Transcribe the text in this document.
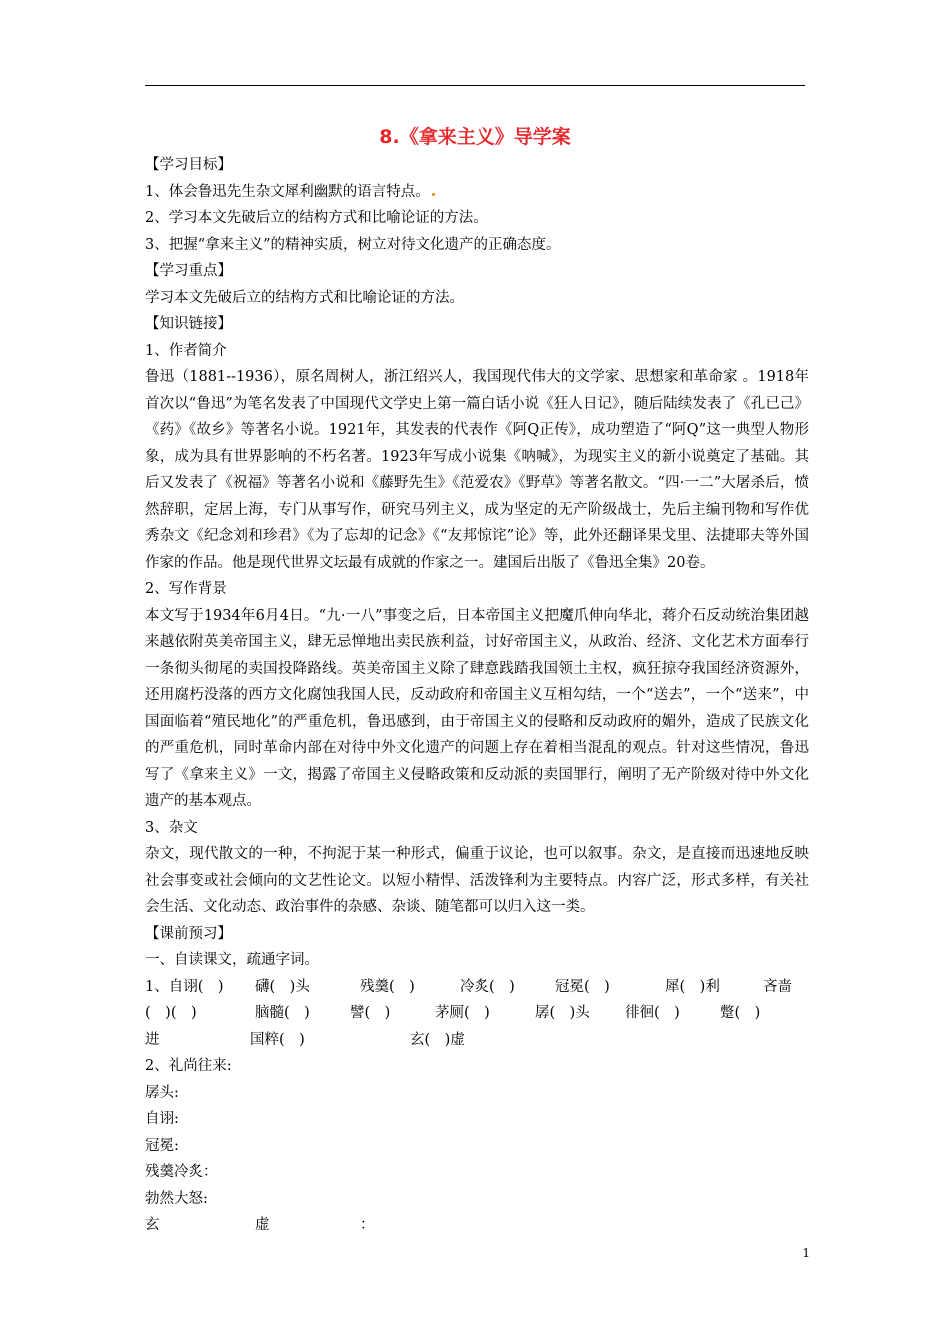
8.《拿来主义》导学案

【学习目标】

1、体会鲁迅先生杂文犀利幽默的语言特点。

2、学习本文先破后立的结构方式和比喻论证的方法。

3、把握“拿来主义”的精神实质，树立对待文化遗产的正确态度。

【学习重点】

学习本文先破后立的结构方式和比喻论证的方法。

【知识链接】

1、作者简介

鲁迅（1881--1936），原名周树人，浙江绍兴人，我国现代伟大的文学家、思想家和革命家 。1918年首次以“鲁迅”为笔名发表了中国现代文学史上第一篇白话小说《狂人日记》，随后陆续发表了《孔已己》《药》《故乡》等著名小说。1921年，其发表的代表作《阿Q正传》，成功塑造了“阿Q”这一典型人物形象，成为具有世界影响的不朽名著。1923年写成小说集《呐喊》，为现实主义的新小说奠定了基础。其后又发表了《祝福》等著名小说和《藤野先生》《范爱农》《野草》等著名散文。“四·一二”大屠杀后，愤然辞职，定居上海，专门从事写作，研究马列主义，成为坚定的无产阶级战士，先后主编刊物和写作优秀杂文《纪念刘和珍君》《为了忘却的记念》《“友邦惊诧”论》等，此外还翻译果戈里、法捷耶夫等外国作家的作品。他是现代世界文坛最有成就的作家之一。建国后出版了《鲁迅全集》20卷。

2、写作背景

本文写于1934年6月4日。“九·一八”事变之后，日本帝国主义把魔爪伸向华北，蒋介石反动统治集团越来越依附英美帝国主义，肆无忌惮地出卖民族利益，讨好帝国主义，从政治、经济、文化艺术方面奉行一条彻头彻尾的卖国投降路线。英美帝国主义除了肆意践踏我国领土主权，疯狂掠夺我国经济资源外，还用腐朽没落的西方文化腐蚀我国人民，反动政府和帝国主义互相勾结，一个“送去”，一个“送来”，中国面临着“殖民地化”的严重危机，鲁迅感到，由于帝国主义的侵略和反动政府的媚外，造成了民族文化的严重危机，同时革命内部在对待中外文化遗产的问题上存在着相当混乱的观点。针对这些情况，鲁迅写了《拿来主义》一文，揭露了帝国主义侵略政策和反动派的卖国罪行，阐明了无产阶级对待中外文化遗产的基本观点。

3、杂文

杂文，现代散文的一种，不拘泥于某一种形式，偏重于议论，也可以叙事。杂文，是直接而迅速地反映社会事变或社会倾向的文艺性论文。以短小精悍、活泼锋利为主要特点。内容广泛，形式多样，有关社会生活、文化动态、政治事件的杂感、杂谈、随笔都可以归入这一类。

【课前预习】

一、自读课文，疏通字词。

1、自诩(　)	礴(　)头	残羹(　)	冷炙(　)	冠冕(　)	犀(　)利	吝啬
(　)(　)	脑髓(　)	譬(　)	茅厕(　)	孱(　)头	徘徊(　)	蹩(　)
进	国粹(　)	玄(　)虚

2、礼尚往来:

孱头:

自诩:

冠冕:

残羹冷炙：

勃然大怒:

玄	虚	：
1
